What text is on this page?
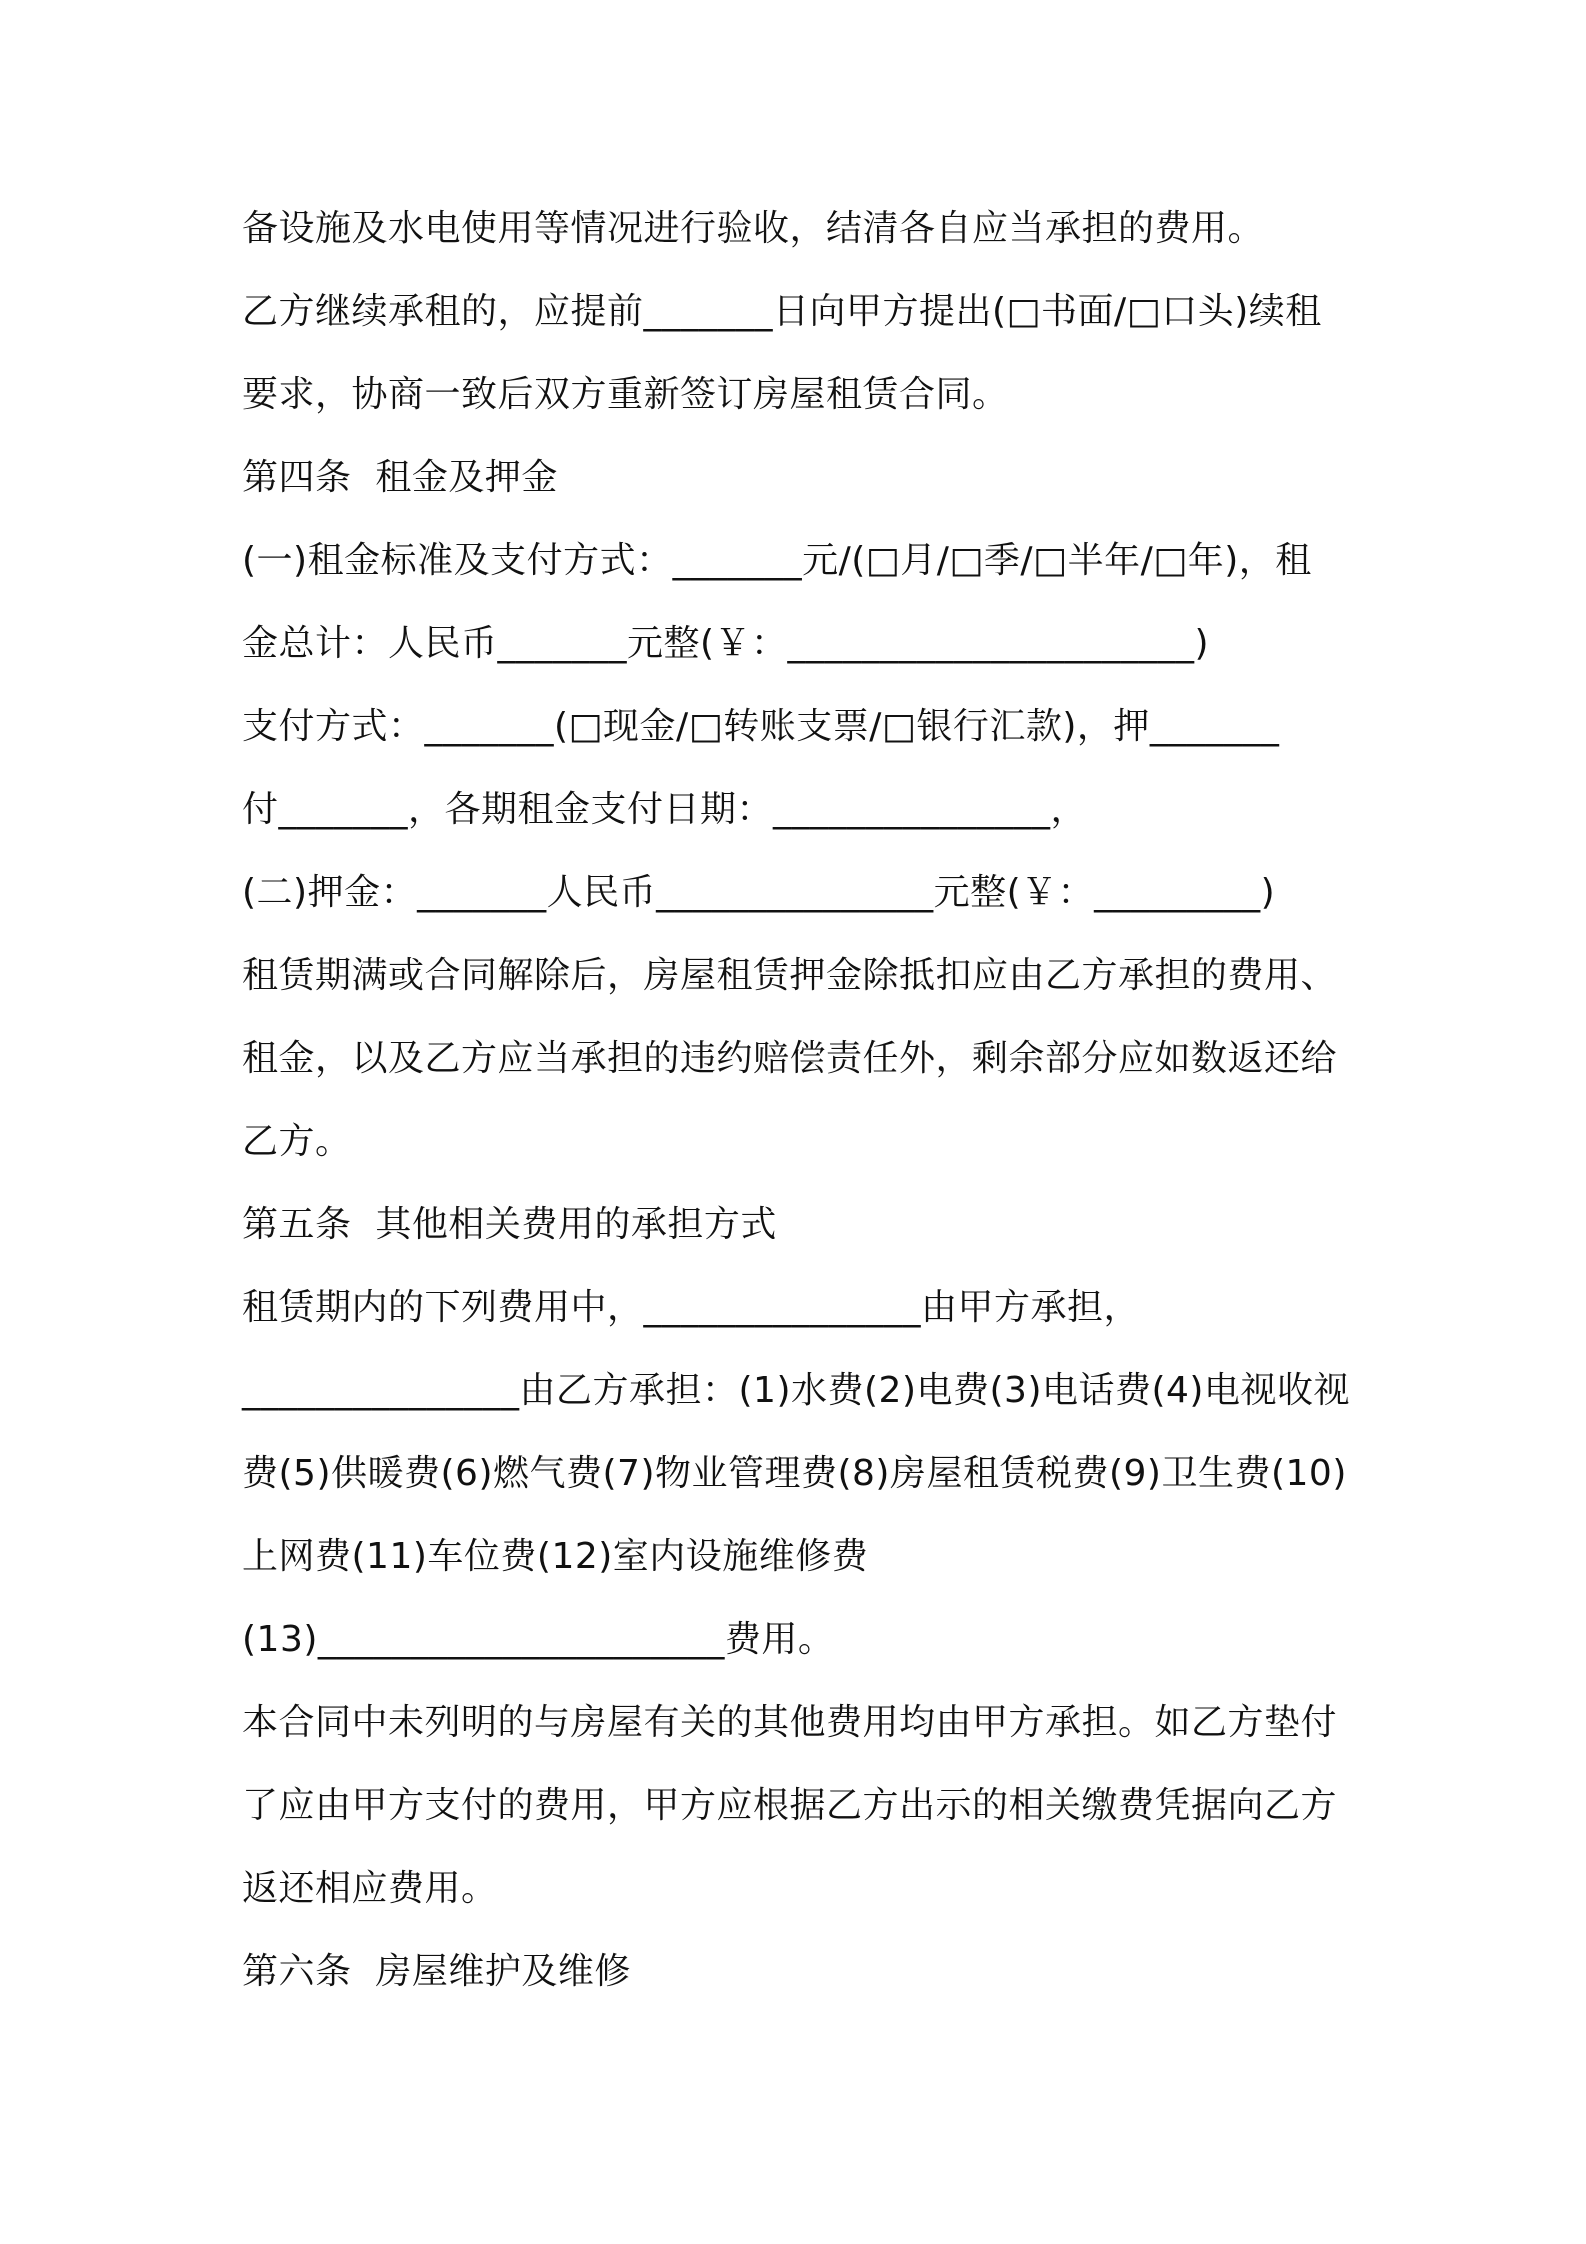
备设施及水电使用等情况进行验收，结清各自应当承担的费用。
乙方继续承租的，应提前_______日向甲方提出(□书面/□口头)续租
要求，协商一致后双方重新签订房屋租赁合同。
第四条  租金及押金
(一)租金标准及支付方式：_______元/(□月/□季/□半年/□年)，租
金总计：人民币_______元整(￥：______________________)
支付方式：_______(□现金/□转账支票/□银行汇款)，押_______
付_______，各期租金支付日期：_______________，
(二)押金：_______人民币_______________元整(￥：_________)
租赁期满或合同解除后，房屋租赁押金除抵扣应由乙方承担的费用、
租金，以及乙方应当承担的违约赔偿责任外，剩余部分应如数返还给
乙方。
第五条  其他相关费用的承担方式
租赁期内的下列费用中，_______________由甲方承担，
_______________由乙方承担：(1)水费(2)电费(3)电话费(4)电视收视
费(5)供暖费(6)燃气费(7)物业管理费(8)房屋租赁税费(9)卫生费(10)
上网费(11)车位费(12)室内设施维修费
(13)______________________费用。
本合同中未列明的与房屋有关的其他费用均由甲方承担。如乙方垫付
了应由甲方支付的费用，甲方应根据乙方出示的相关缴费凭据向乙方
返还相应费用。
第六条  房屋维护及维修
